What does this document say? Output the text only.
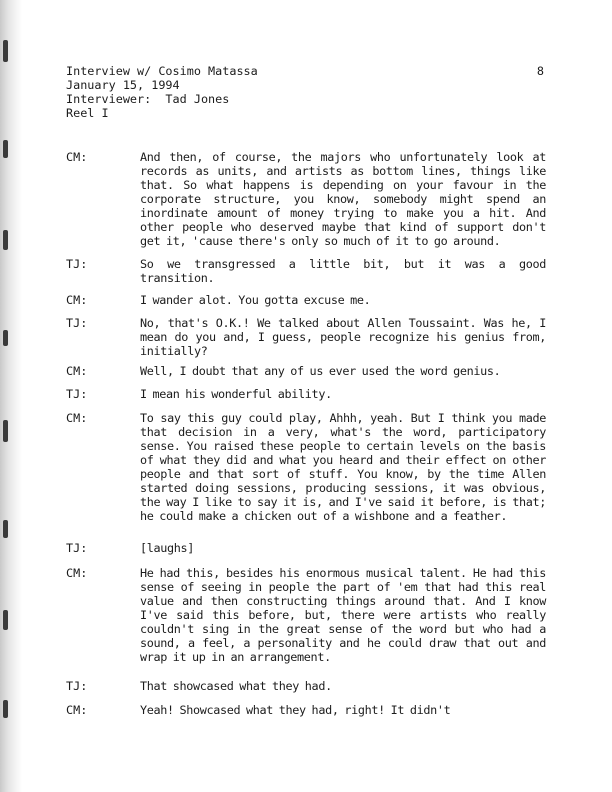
Interview w/ Cosimo Matassa	8
January 15, 1994
Interviewer:  Tad Jones
Reel I
CM:	And then, of course, the majors who unfortunately look at records as units, and artists as bottom lines, things like that. So what happens is depending on your favour in the corporate structure, you know, somebody might spend an inordinate amount of money trying to make you a hit. And other people who deserved maybe that kind of support don't get it, 'cause there's only so much of it to go around.
TJ:	So we transgressed a little bit, but it was a good transition.
CM:	I wander alot. You gotta excuse me.
TJ:	No, that's O.K.! We talked about Allen Toussaint. Was he, I mean do you and, I guess, people recognize his genius from, initially?
CM:	Well, I doubt that any of us ever used the word genius.
TJ:	I mean his wonderful ability.
CM:	To say this guy could play, Ahhh, yeah. But I think you made that decision in a very, what's the word, participatory sense. You raised these people to certain levels on the basis of what they did and what you heard and their effect on other people and that sort of stuff. You know, by the time Allen started doing sessions, producing sessions, it was obvious, the way I like to say it is, and I've said it before, is that; he could make a chicken out of a wishbone and a feather.
TJ:	[laughs]
CM:	He had this, besides his enormous musical talent. He had this sense of seeing in people the part of 'em that had this real value and then constructing things around that. And I know I've said this before, but, there were artists who really couldn't sing in the great sense of the word but who had a sound, a feel, a personality and he could draw that out and wrap it up in an arrangement.
TJ:	That showcased what they had.
CM:	Yeah! Showcased what they had, right! It didn't
